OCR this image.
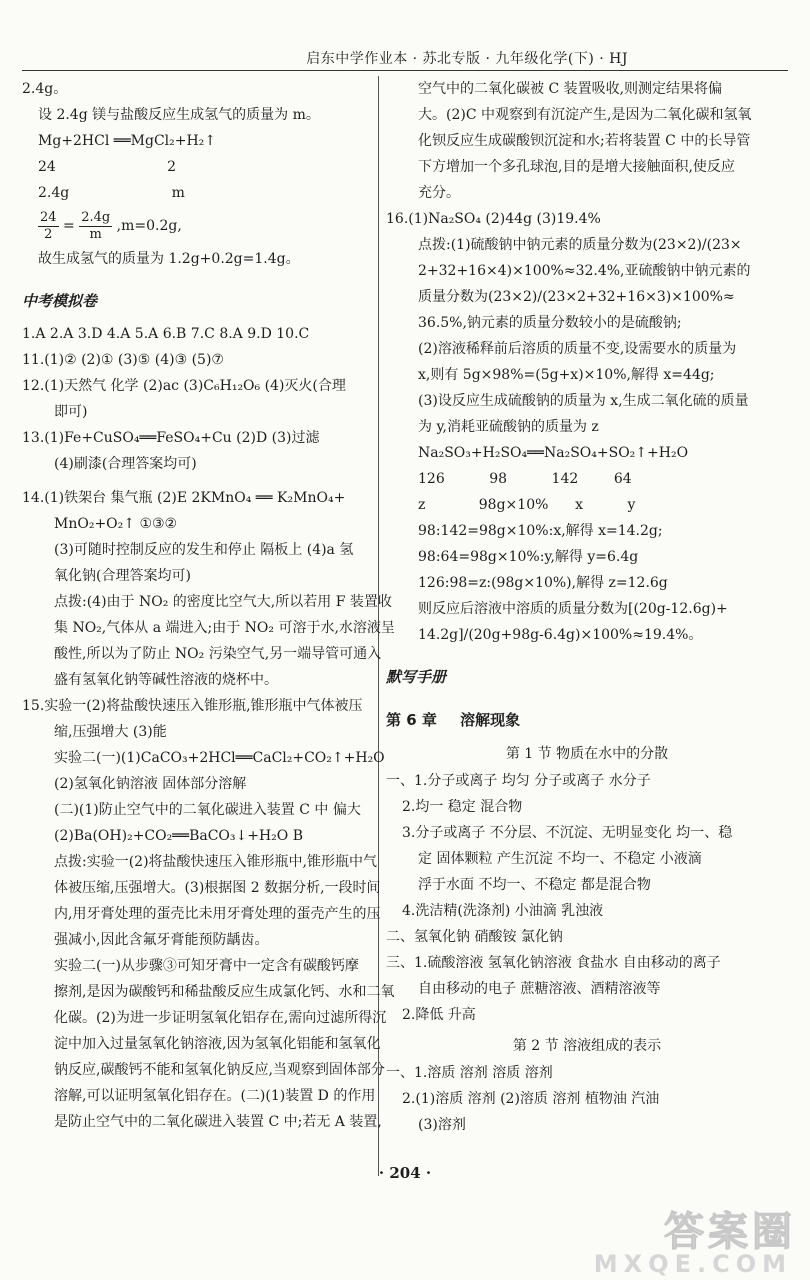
启东中学作业本 · 苏北专版 · 九年级化学(下) · HJ
2.4g。
设 2.4g 镁与盐酸反应生成氢气的质量为 m。
Mg+2HCl ══MgCl₂+H₂↑
24                         2
2.4g                       m
$\frac{24}{2} = \frac{2.4g}{m} ,m=0.2g$,
故生成氢气的质量为 1.2g+0.2g=1.4g。
中考模拟卷
1.A 2.A 3.D 4.A 5.A 6.B 7.C 8.A 9.D 10.C
11.(1)② (2)① (3)⑤ (4)③ (5)⑦
12.(1)天然气 化学 (2)ac (3)C₆H₁₂O₆ (4)灭火(合理
即可)
13.(1)Fe+CuSO₄══FeSO₄+Cu (2)D (3)过滤
(4)刷漆(合理答案均可)
14.(1)铁架台 集气瓶 (2)E 2KMnO₄ ══ K₂MnO₄+
MnO₂+O₂↑ ①③②
(3)可随时控制反应的发生和停止 隔板上 (4)a 氢
氧化钠(合理答案均可)
点拨:(4)由于 NO₂ 的密度比空气大,所以若用 F 装置收
集 NO₂,气体从 a 端进入;由于 NO₂ 可溶于水,水溶液呈
酸性,所以为了防止 NO₂ 污染空气,另一端导管可通入
盛有氢氧化钠等碱性溶液的烧杯中。
15.实验一(2)将盐酸快速压入锥形瓶,锥形瓶中气体被压
缩,压强增大 (3)能
实验二(一)(1)CaCO₃+2HCl══CaCl₂+CO₂↑+H₂O
(2)氢氧化钠溶液 固体部分溶解
(二)(1)防止空气中的二氧化碳进入装置 C 中 偏大
(2)Ba(OH)₂+CO₂══BaCO₃↓+H₂O B
点拨:实验一(2)将盐酸快速压入锥形瓶中,锥形瓶中气
体被压缩,压强增大。(3)根据图 2 数据分析,一段时间
内,用牙膏处理的蛋壳比未用牙膏处理的蛋壳产生的压
强减小,因此含氟牙膏能预防龋齿。
实验二(一)从步骤③可知牙膏中一定含有碳酸钙摩
擦剂,是因为碳酸钙和稀盐酸反应生成氯化钙、水和二氧
化碳。(2)为进一步证明氢氧化铝存在,需向过滤所得沉
淀中加入过量氢氧化钠溶液,因为氢氧化铝能和氢氧化
钠反应,碳酸钙不能和氢氧化钠反应,当观察到固体部分
溶解,可以证明氢氧化铝存在。(二)(1)装置 D 的作用
是防止空气中的二氧化碳进入装置 C 中;若无 A 装置,
空气中的二氧化碳被 C 装置吸收,则测定结果将偏
大。(2)C 中观察到有沉淀产生,是因为二氧化碳和氢氧
化钡反应生成碳酸钡沉淀和水;若将装置 C 中的长导管
下方增加一个多孔球泡,目的是增大接触面积,使反应
充分。
16.(1)Na₂SO₄ (2)44g (3)19.4%
点拨:(1)硫酸钠中钠元素的质量分数为(23×2)/(23×
2+32+16×4)×100%≈32.4%,亚硫酸钠中钠元素的
质量分数为(23×2)/(23×2+32+16×3)×100%≈
36.5%,钠元素的质量分数较小的是硫酸钠;
(2)溶液稀释前后溶质的质量不变,设需要水的质量为
x,则有 5g×98%=(5g+x)×10%,解得 x=44g;
(3)设反应生成硫酸钠的质量为 x,生成二氧化硫的质量
为 y,消耗亚硫酸钠的质量为 z
Na₂SO₃+H₂SO₄══Na₂SO₄+SO₂↑+H₂O
126          98          142        64
z            98g×10%      x          y
98:142=98g×10%:x,解得 x=14.2g;
98:64=98g×10%:y,解得 y=6.4g
126:98=z:(98g×10%),解得 z=12.6g
则反应后溶液中溶质的质量分数为[(20g-12.6g)+
14.2g]/(20g+98g-6.4g)×100%≈19.4%。
默写手册
第 6 章 溶解现象
第 1 节 物质在水中的分散
一、1.分子或离子 均匀 分子或离子 水分子
2.均一 稳定 混合物
3.分子或离子 不分层、不沉淀、无明显变化 均一、稳
定 固体颗粒 产生沉淀 不均一、不稳定 小液滴
浮于水面 不均一、不稳定 都是混合物
4.洗洁精(洗涤剂) 小油滴 乳浊液
二、氢氧化钠 硝酸铵 氯化钠
三、1.硫酸溶液 氢氧化钠溶液 食盐水 自由移动的离子
自由移动的电子 蔗糖溶液、酒精溶液等
2.降低 升高
第 2 节 溶液组成的表示
一、1.溶质 溶剂 溶质 溶剂
2.(1)溶质 溶剂 (2)溶质 溶剂 植物油 汽油
(3)溶剂
· 204 ·
答案圈
MXQE.COM
